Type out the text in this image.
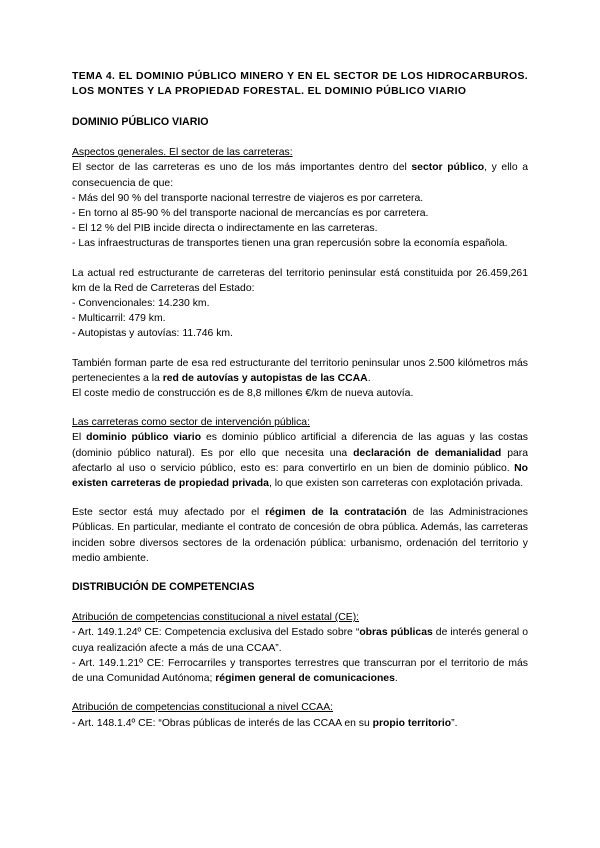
TEMA 4. EL DOMINIO PÚBLICO MINERO Y EN EL SECTOR DE LOS HIDROCARBUROS. LOS MONTES Y LA PROPIEDAD FORESTAL. EL DOMINIO PÚBLICO VIARIO

DOMINIO PÚBLICO VIARIO

Aspectos generales. El sector de las carreteras:

El sector de las carreteras es uno de los más importantes dentro del sector público, y ello a consecuencia de que:

- Más del 90 % del transporte nacional terrestre de viajeros es por carretera.

- En torno al 85-90 % del transporte nacional de mercancías es por carretera.

- El 12 % del PIB incide directa o indirectamente en las carreteras.

- Las infraestructuras de transportes tienen una gran repercusión sobre la economía española.

La actual red estructurante de carreteras del territorio peninsular está constituida por 26.459,261 km de la Red de Carreteras del Estado:

- Convencionales: 14.230 km.

- Multicarril: 479 km.

- Autopistas y autovías: 11.746 km.

También forman parte de esa red estructurante del territorio peninsular unos 2.500 kilómetros más pertenecientes a la red de autovías y autopistas de las CCAA.

El coste medio de construcción es de 8,8 millones €/km de nueva autovía.

Las carreteras como sector de intervención pública:

El dominio público viario es dominio público artificial a diferencia de las aguas y las costas (dominio público natural). Es por ello que necesita una declaración de demanialidad para afectarlo al uso o servicio público, esto es: para convertirlo en un bien de dominio público. No existen carreteras de propiedad privada, lo que existen son carreteras con explotación privada.

Este sector está muy afectado por el régimen de la contratación de las Administraciones Públicas. En particular, mediante el contrato de concesión de obra pública. Además, las carreteras inciden sobre diversos sectores de la ordenación pública: urbanismo, ordenación del territorio y medio ambiente.

DISTRIBUCIÓN DE COMPETENCIAS

Atribución de competencias constitucional a nivel estatal (CE):

- Art. 149.1.24º CE: Competencia exclusiva del Estado sobre “obras públicas de interés general o cuya realización afecte a más de una CCAA”.

- Art. 149.1.21º CE: Ferrocarriles y transportes terrestres que transcurran por el territorio de más de una Comunidad Autónoma; régimen general de comunicaciones.

Atribución de competencias constitucional a nivel CCAA:

- Art. 148.1.4º CE: “Obras públicas de interés de las CCAA en su propio territorio”.
